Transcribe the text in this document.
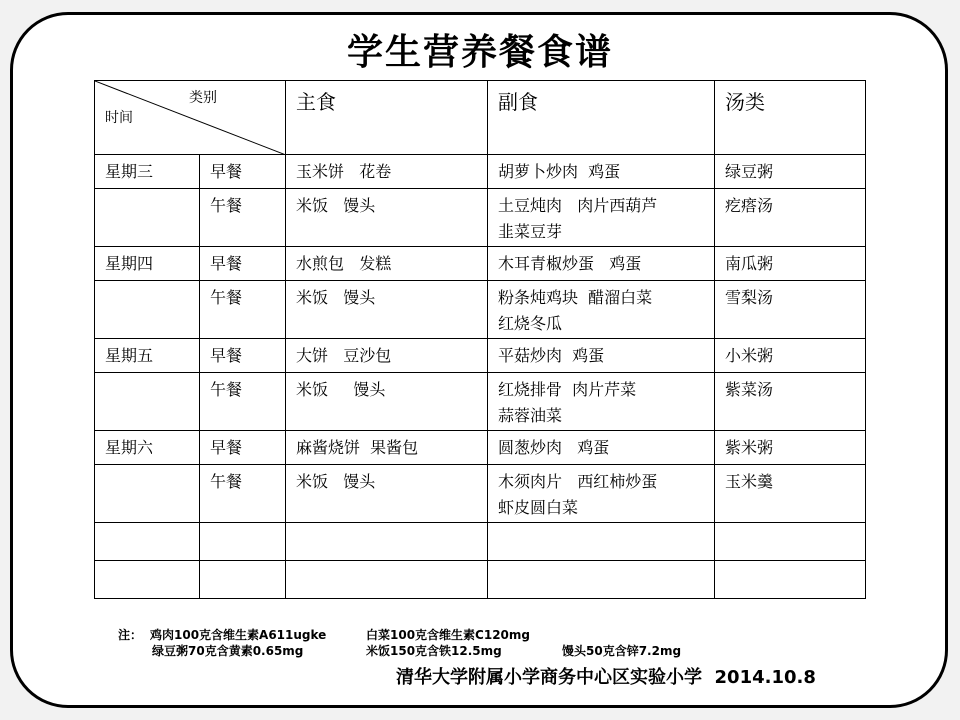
学生营养餐食谱
类别
时间		主食	副食	汤类

星期三	早餐	玉米饼   花卷	胡萝卜炒肉  鸡蛋	绿豆粥

	午餐	米饭   馒头	土豆炖肉   肉片西葫芦
韭菜豆芽	疙瘩汤

星期四	早餐	水煎包   发糕	木耳青椒炒蛋   鸡蛋	南瓜粥

	午餐	米饭   馒头	粉条炖鸡块  醋溜白菜
红烧冬瓜	雪梨汤

星期五	早餐	大饼   豆沙包	平菇炒肉  鸡蛋	小米粥

	午餐	米饭     馒头	红烧排骨  肉片芹菜
蒜蓉油菜	紫菜汤

星期六	早餐	麻酱烧饼  果酱包	圆葱炒肉   鸡蛋	紫米粥

	午餐	米饭   馒头	木须肉片   西红柿炒蛋
虾皮圆白菜	玉米羹

注： 鸡肉100克含维生素A611ugke	白菜100克含维生素C120mg
绿豆粥70克含黄素0.65mg	米饭150克含铁12.5mg	馒头50克含锌7.2mg
清华大学附属小学商务中心区实验小学  2014.10.8
